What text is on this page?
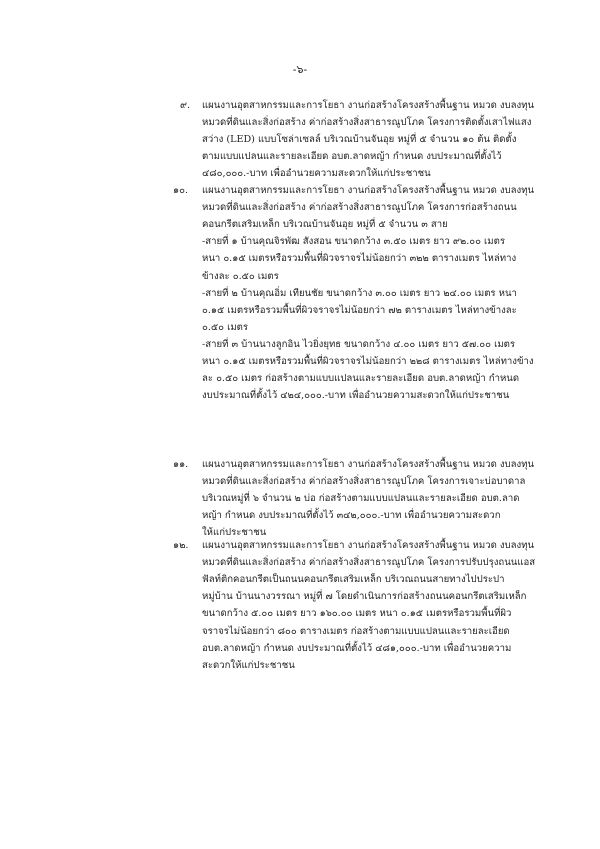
-๖-
๙. แผนงานอุตสาหกรรมและการโยธา งานก่อสร้างโครงสร้างพื้นฐาน หมวด งบลงทุน
หมวดที่ดินและสิ่งก่อสร้าง ค่าก่อสร้างสิ่งสาธารณูปโภค โครงการติดตั้งเสาไฟแสง
สว่าง (LED) แบบโซล่าเซลล์ บริเวณบ้านจันอุย หมู่ที่ ๕ จำนวน ๑๐ ต้น ติดตั้ง
ตามแบบแปลนและรายละเอียด อบต.ลาดหญ้า กำหนด งบประมาณที่ตั้งไว้
๔๘๐,๐๐๐.-บาท เพื่ออำนวยความสะดวกให้แก่ประชาชน
๑๐. แผนงานอุตสาหกรรมและการโยธา งานก่อสร้างโครงสร้างพื้นฐาน หมวด งบลงทุน
หมวดที่ดินและสิ่งก่อสร้าง ค่าก่อสร้างสิ่งสาธารณูปโภค โครงการก่อสร้างถนน
คอนกรีตเสริมเหล็ก บริเวณบ้านจันอุย หมู่ที่ ๕ จำนวน ๓ สาย
-สายที่ ๑ บ้านคุณจิรพัฒ สังสอน ขนาดกว้าง ๓.๕๐ เมตร ยาว ๙๒.๐๐ เมตร
หนา ๐.๑๕ เมตรหรือรวมพื้นที่ผิวจราจรไม่น้อยกว่า ๓๒๒ ตารางเมตร ไหล่ทาง
ข้างละ ๐.๕๐ เมตร
-สายที่ ๒ บ้านคุณอิ่ม เทียนชัย ขนาดกว้าง ๓.๐๐ เมตร ยาว ๒๔.๐๐ เมตร หนา
๐.๑๕ เมตรหรือรวมพื้นที่ผิวจราจรไม่น้อยกว่า ๗๒ ตารางเมตร ไหล่ทางข้างละ
๐.๕๐ เมตร
-สายที่ ๓ บ้านนางลูกอิน ไวยิ่งยุทธ ขนาดกว้าง ๔.๐๐ เมตร ยาว ๕๗.๐๐ เมตร
หนา ๐.๑๕ เมตรหรือรวมพื้นที่ผิวจราจรไม่น้อยกว่า ๒๒๘ ตารางเมตร ไหล่ทางข้าง
ละ ๐.๕๐ เมตร ก่อสร้างตามแบบแปลนและรายละเอียด อบต.ลาดหญ้า กำหนด
งบประมาณที่ตั้งไว้ ๔๒๔,๐๐๐.-บาท เพื่ออำนวยความสะดวกให้แก่ประชาชน
๑๑. แผนงานอุตสาหกรรมและการโยธา งานก่อสร้างโครงสร้างพื้นฐาน หมวด งบลงทุน
หมวดที่ดินและสิ่งก่อสร้าง ค่าก่อสร้างสิ่งสาธารณูปโภค โครงการเจาะบ่อบาดาล
บริเวณหมู่ที่ ๖ จำนวน ๒ บ่อ ก่อสร้างตามแบบแปลนและรายละเอียด อบต.ลาด
หญ้า กำหนด งบประมาณที่ตั้งไว้ ๓๔๒,๐๐๐.-บาท เพื่ออำนวยความสะดวก
ให้แก่ประชาชน
๑๒. แผนงานอุตสาหกรรมและการโยธา งานก่อสร้างโครงสร้างพื้นฐาน หมวด งบลงทุน
หมวดที่ดินและสิ่งก่อสร้าง ค่าก่อสร้างสิ่งสาธารณูปโภค โครงการปรับปรุงถนนแอส
ฟัลท์ติกคอนกรีตเป็นถนนคอนกรีตเสริมเหล็ก บริเวณถนนสายทางไปประปา
หมู่บ้าน บ้านนางวรรณา หมู่ที่ ๗ โดยดำเนินการก่อสร้างถนนคอนกรีตเสริมเหล็ก
ขนาดกว้าง ๕.๐๐ เมตร ยาว ๑๖๐.๐๐ เมตร หนา ๐.๑๕ เมตรหรือรวมพื้นที่ผิว
จราจรไม่น้อยกว่า ๘๐๐ ตารางเมตร ก่อสร้างตามแบบแปลนและรายละเอียด
อบต.ลาดหญ้า กำหนด งบประมาณที่ตั้งไว้ ๔๘๑,๐๐๐.-บาท เพื่ออำนวยความ
สะดวกให้แก่ประชาชน
